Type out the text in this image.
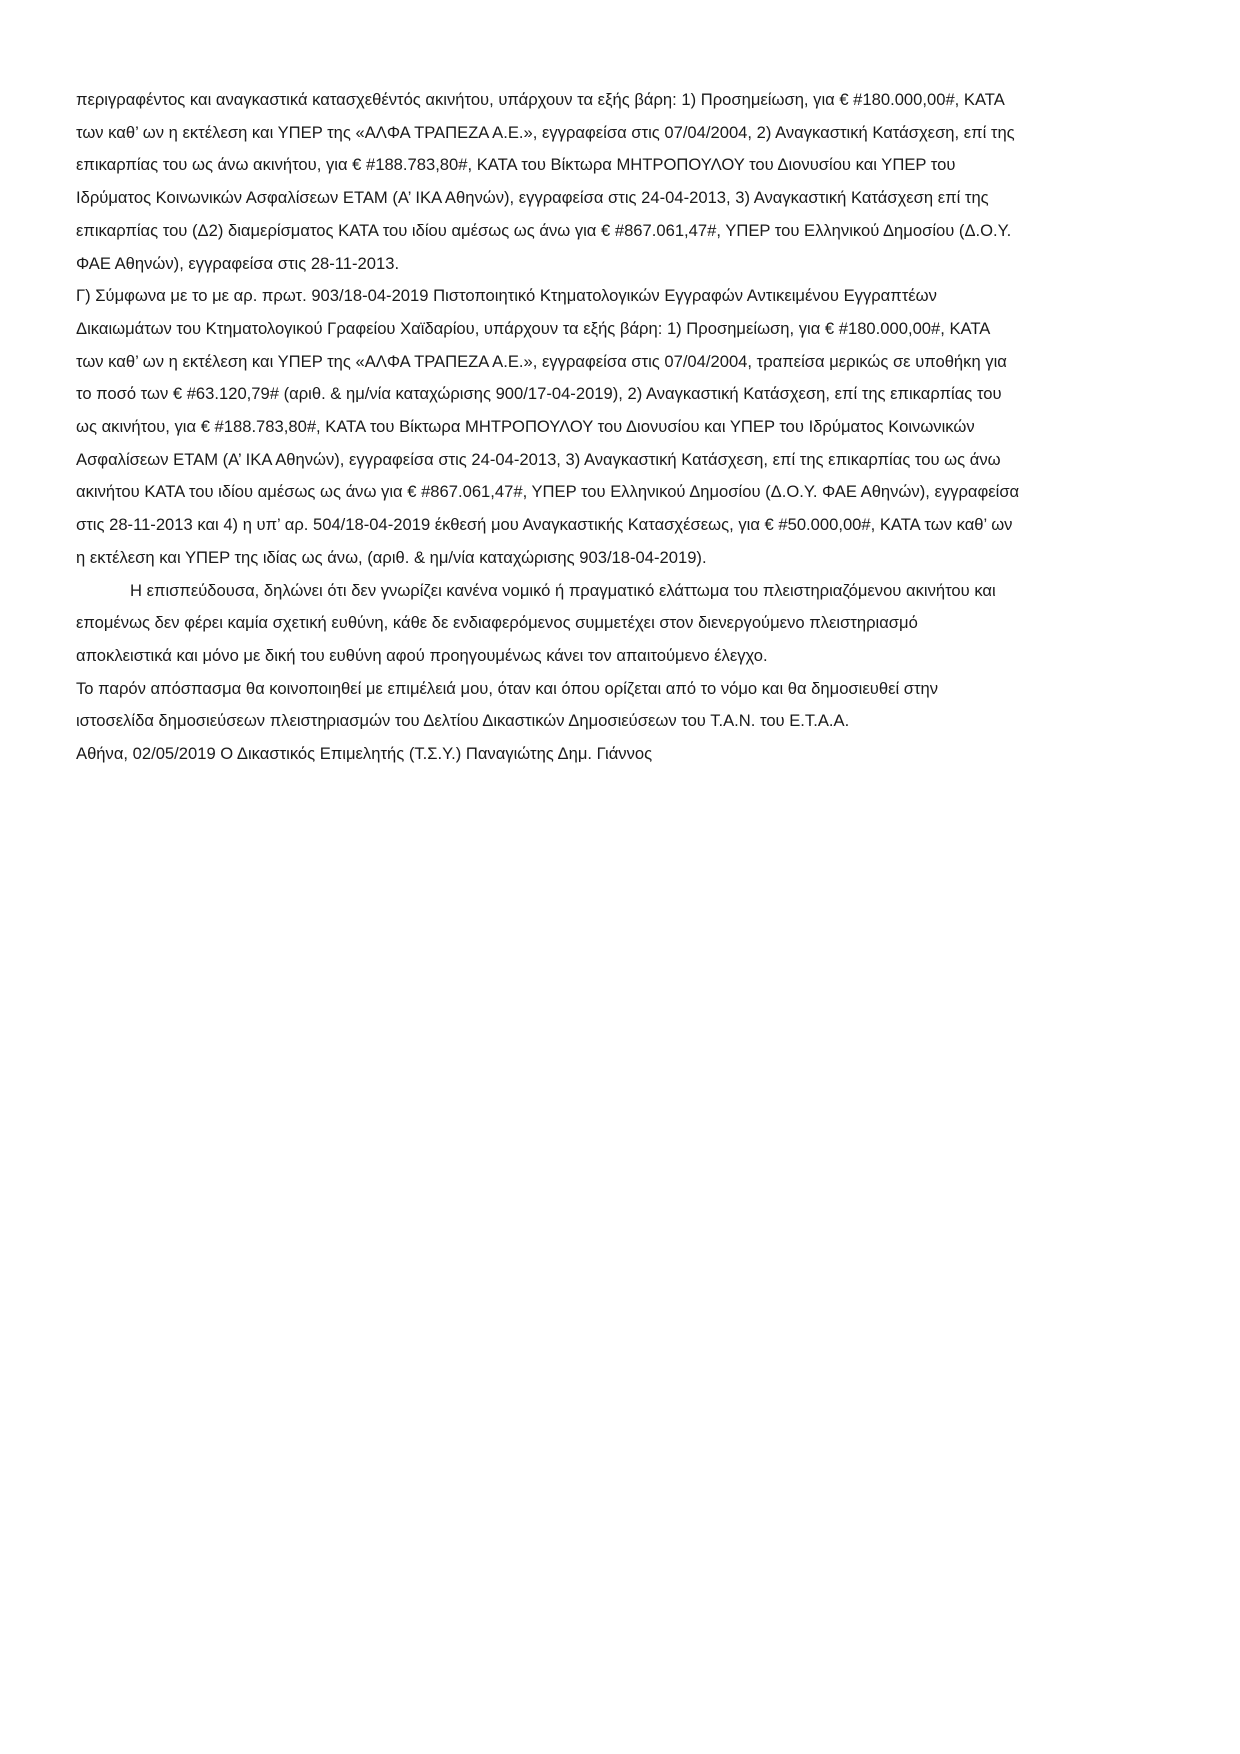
περιγραφέντος και αναγκαστικά κατασχεθέντός ακινήτου, υπάρχουν τα εξής βάρη: 1) Προσημείωση, για € #180.000,00#, ΚΑΤΑ
των καθ’ ων η εκτέλεση και ΥΠΕΡ της «ΑΛΦΑ ΤΡΑΠΕΖΑ Α.Ε.», εγγραφείσα στις 07/04/2004, 2) Αναγκαστική Κατάσχεση, επί της
επικαρπίας του ως άνω ακινήτου, για € #188.783,80#, ΚΑΤΑ του Βίκτωρα ΜΗΤΡΟΠΟΥΛΟΥ του Διονυσίου και ΥΠΕΡ του
Ιδρύματος Κοινωνικών Ασφαλίσεων ΕΤΑΜ (Α’ ΙΚΑ Αθηνών), εγγραφείσα στις 24-04-2013, 3) Αναγκαστική Κατάσχεση επί της
επικαρπίας του (Δ2) διαμερίσματος ΚΑΤΑ του ιδίου αμέσως ως άνω για € #867.061,47#, ΥΠΕΡ του Ελληνικού Δημοσίου (Δ.Ο.Υ.
ΦΑΕ Αθηνών), εγγραφείσα στις 28-11-2013.
Γ) Σύμφωνα με το με αρ. πρωτ. 903/18-04-2019 Πιστοποιητικό Κτηματολογικών Εγγραφών Αντικειμένου Εγγραπτέων
Δικαιωμάτων του Κτηματολογικού Γραφείου Χαϊδαρίου, υπάρχουν τα εξής βάρη: 1) Προσημείωση, για € #180.000,00#, ΚΑΤΑ
των καθ’ ων η εκτέλεση και ΥΠΕΡ της «ΑΛΦΑ ΤΡΑΠΕΖΑ Α.Ε.», εγγραφείσα στις 07/04/2004, τραπείσα μερικώς σε υποθήκη για
το ποσό των € #63.120,79# (αριθ. & ημ/νία καταχώρισης 900/17-04-2019), 2) Αναγκαστική Κατάσχεση, επί της επικαρπίας του
ως ακινήτου, για € #188.783,80#, ΚΑΤΑ του Βίκτωρα ΜΗΤΡΟΠΟΥΛΟΥ του Διονυσίου και ΥΠΕΡ του Ιδρύματος Κοινωνικών
Ασφαλίσεων ΕΤΑΜ (Α’ ΙΚΑ Αθηνών), εγγραφείσα στις 24-04-2013, 3) Αναγκαστική Κατάσχεση, επί της επικαρπίας του ως άνω
ακινήτου ΚΑΤΑ του ιδίου αμέσως ως άνω για € #867.061,47#, ΥΠΕΡ του Ελληνικού Δημοσίου (Δ.Ο.Υ. ΦΑΕ Αθηνών), εγγραφείσα
στις 28-11-2013 και 4) η υπ’ αρ. 504/18-04-2019 έκθεσή μου Αναγκαστικής Κατασχέσεως, για € #50.000,00#, ΚΑΤΑ των καθ’ ων
η εκτέλεση και ΥΠΕΡ της ιδίας ως άνω, (αριθ. & ημ/νία καταχώρισης 903/18-04-2019).
Η επισπεύδουσα, δηλώνει ότι δεν γνωρίζει κανένα νομικό ή πραγματικό ελάττωμα του πλειστηριαζόμενου ακινήτου και
επομένως δεν φέρει καμία σχετική ευθύνη, κάθε δε ενδιαφερόμενος συμμετέχει στον διενεργούμενο πλειστηριασμό
αποκλειστικά και μόνο με δική του ευθύνη αφού προηγουμένως κάνει τον απαιτούμενο έλεγχο.
Το παρόν απόσπασμα θα κοινοποιηθεί με επιμέλειά μου, όταν και όπου ορίζεται από το νόμο και θα δημοσιευθεί στην
ιστοσελίδα δημοσιεύσεων πλειστηριασμών του Δελτίου Δικαστικών Δημοσιεύσεων του Τ.Α.Ν. του Ε.Τ.Α.Α.
Αθήνα, 02/05/2019 Ο Δικαστικός Επιμελητής (Τ.Σ.Υ.) Παναγιώτης Δημ. Γιάννος
